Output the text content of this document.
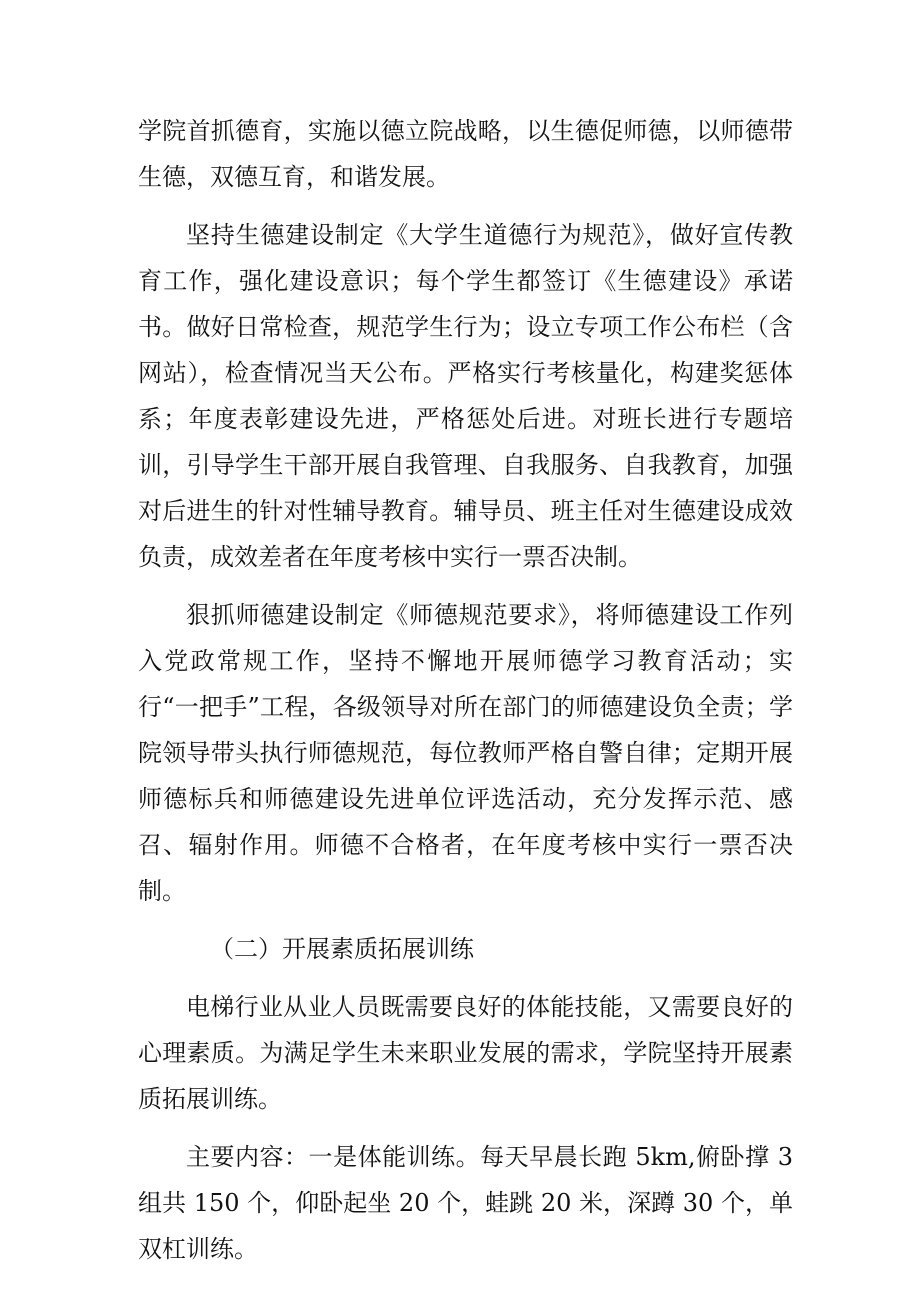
学院首抓德育，实施以德立院战略，以生德促师德，以师德带生德，双德互育，和谐发展。

坚持生德建设制定《大学生道德行为规范》，做好宣传教育工作，强化建设意识；每个学生都签订《生德建设》承诺书。做好日常检查，规范学生行为；设立专项工作公布栏（含网站），检查情况当天公布。严格实行考核量化，构建奖惩体系；年度表彰建设先进，严格惩处后进。对班长进行专题培训，引导学生干部开展自我管理、自我服务、自我教育，加强对后进生的针对性辅导教育。辅导员、班主任对生德建设成效负责，成效差者在年度考核中实行一票否决制。

狠抓师德建设制定《师德规范要求》，将师德建设工作列入党政常规工作，坚持不懈地开展师德学习教育活动；实行“一把手”工程，各级领导对所在部门的师德建设负全责；学院领导带头执行师德规范，每位教师严格自警自律；定期开展师德标兵和师德建设先进单位评选活动，充分发挥示范、感召、辐射作用。师德不合格者，在年度考核中实行一票否决制。

（二）开展素质拓展训练

电梯行业从业人员既需要良好的体能技能，又需要良好的心理素质。为满足学生未来职业发展的需求，学院坚持开展素质拓展训练。

主要内容：一是体能训练。每天早晨长跑 5km,俯卧撑 3 组共 150 个，仰卧起坐 20 个，蛙跳 20 米，深蹲 30 个，单双杠训练。
